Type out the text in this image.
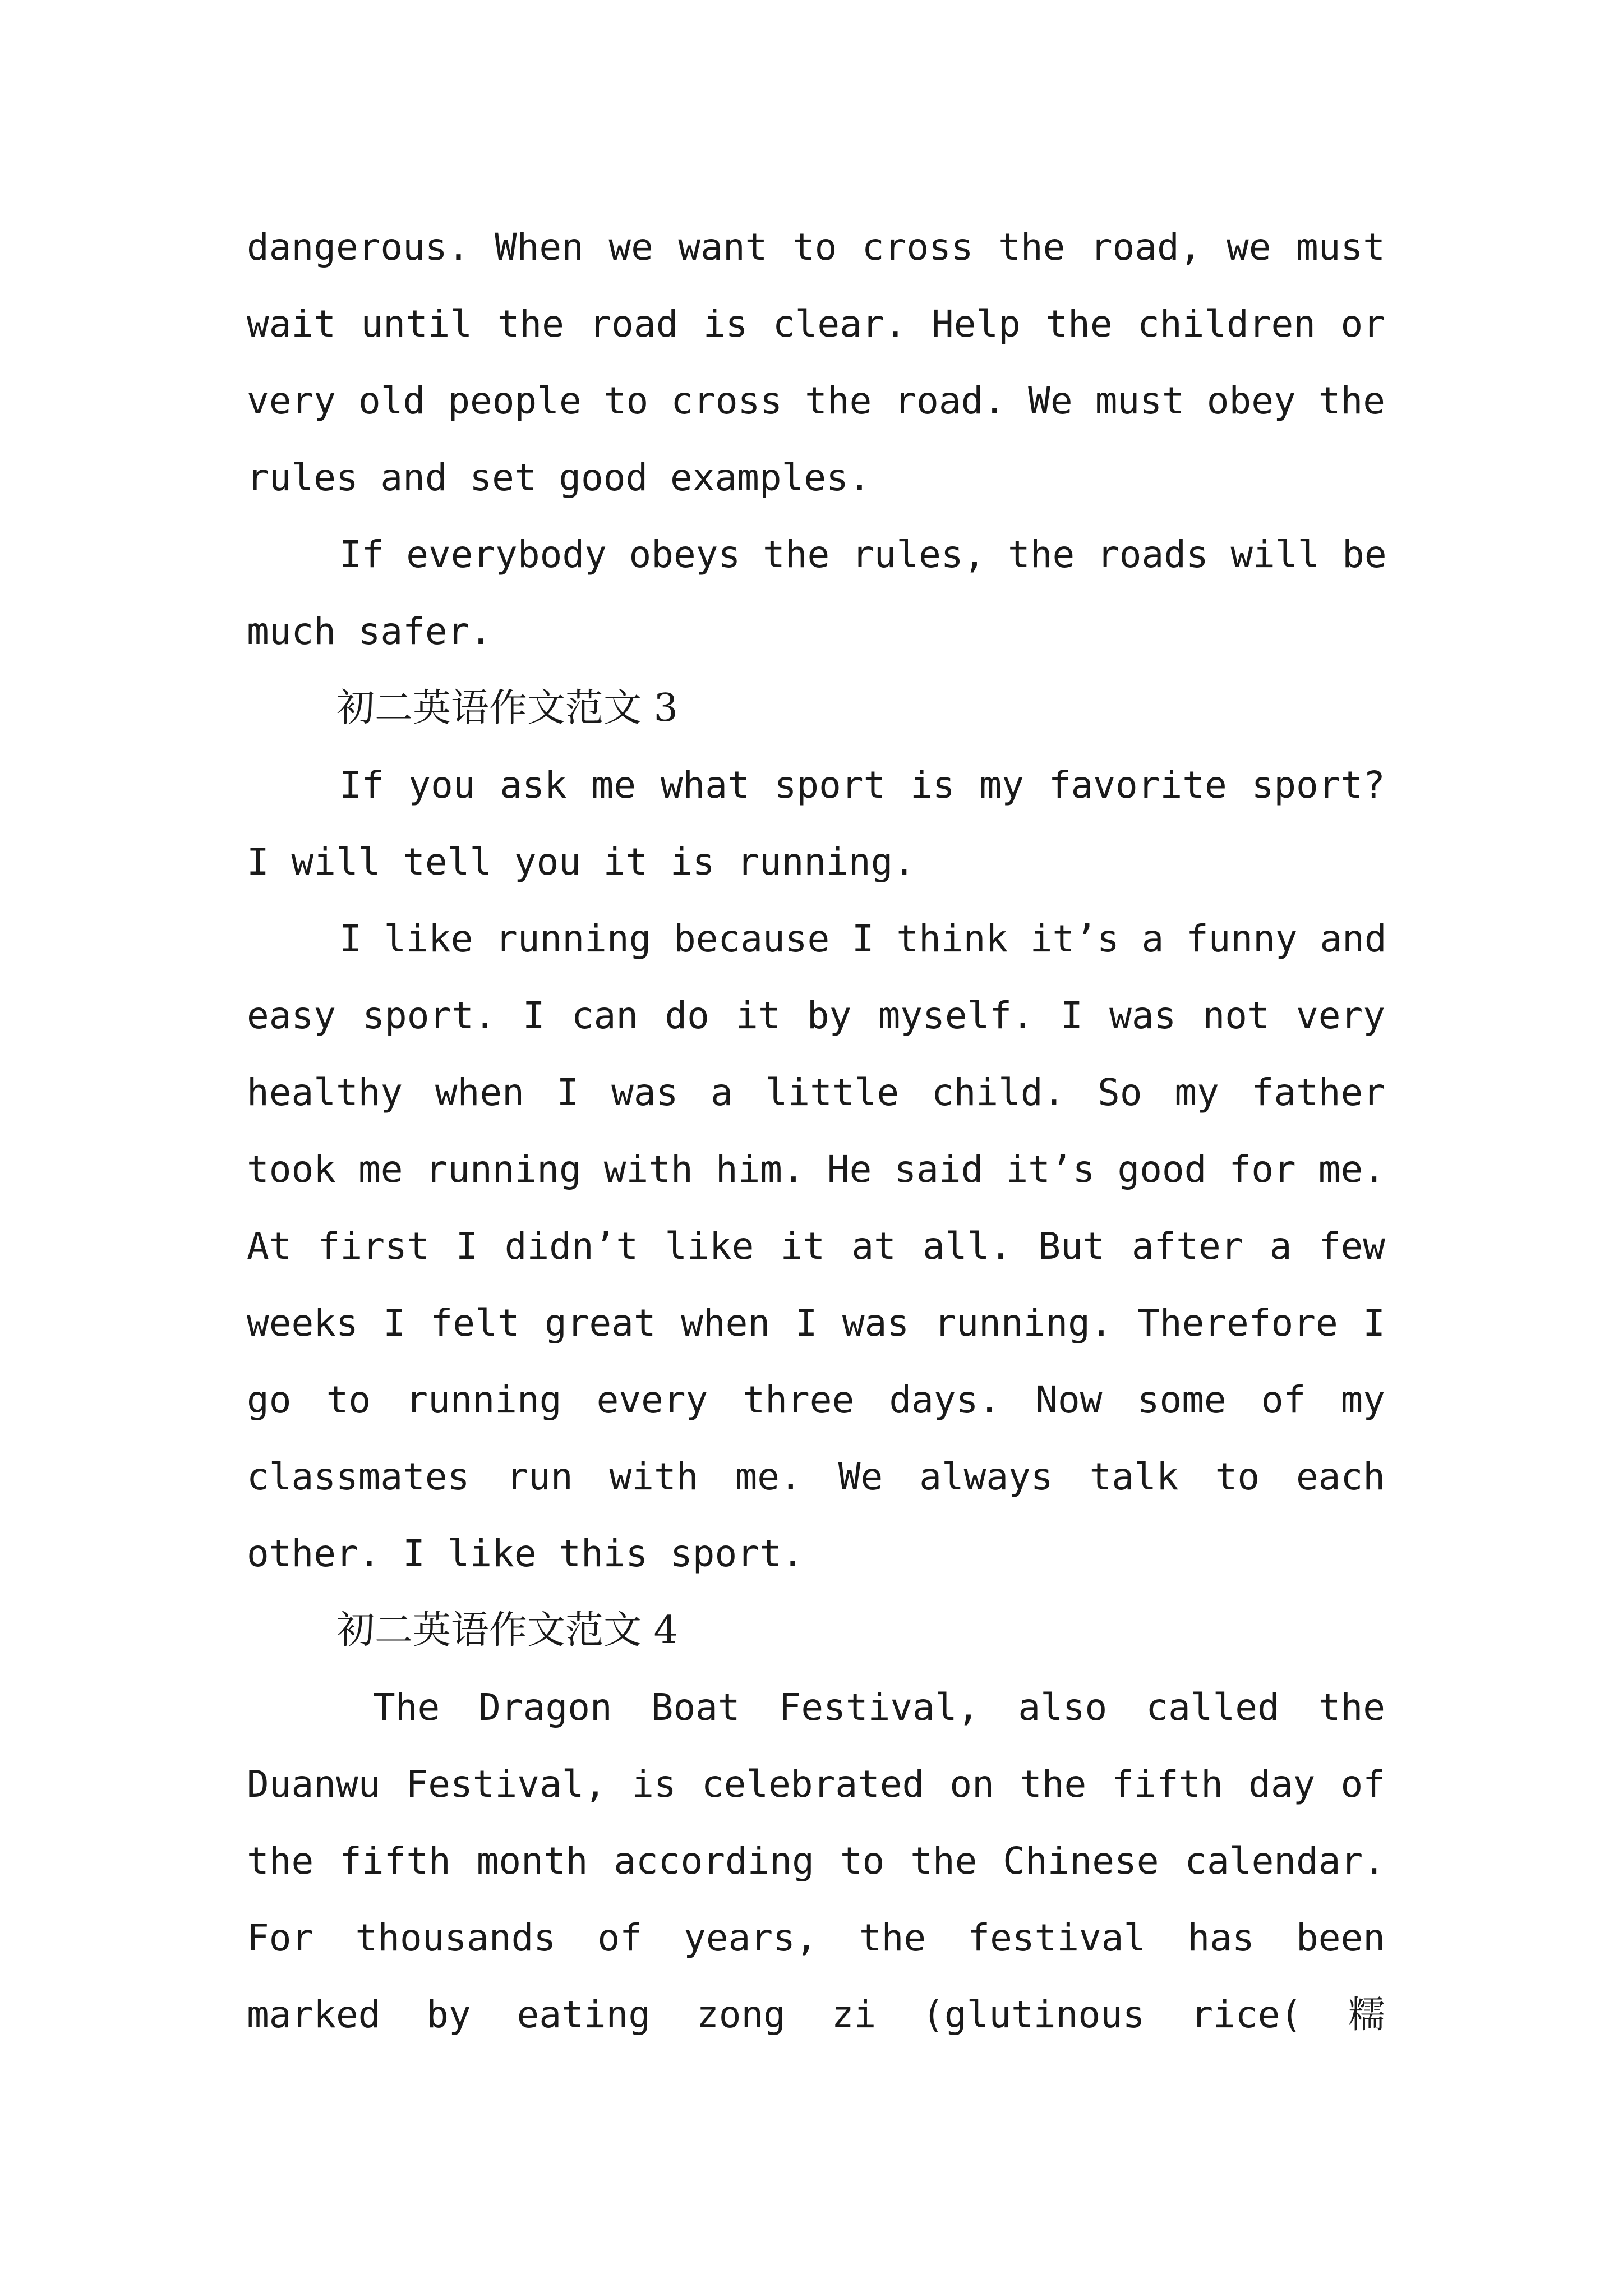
dangerous. When we want to cross the road, we must
wait until the road is clear. Help the children or
very old people to cross the road. We must obey the
rules and set good examples.
If everybody obeys the rules, the roads will be
much safer.
初二英语作文范文 3
If you ask me what sport is my favorite sport?
I will tell you it is running.
I like running because I think it’s a funny and
easy sport. I can do it by myself. I was not very
healthy when I was a little child. So my father
took me running with him. He said it’s good for me.
At first I didn’t like it at all. But after a few
weeks I felt great when I was running. Therefore I
go to running every three days. Now some of my
classmates run with me. We always talk to each
other. I like this sport.
初二英语作文范文 4
The Dragon Boat Festival, also called the
Duanwu Festival, is celebrated on the fifth day of
the fifth month according to the Chinese calendar.
For thousands of years, the festival has been
marked by eating zong zi (glutinous rice( 糯
